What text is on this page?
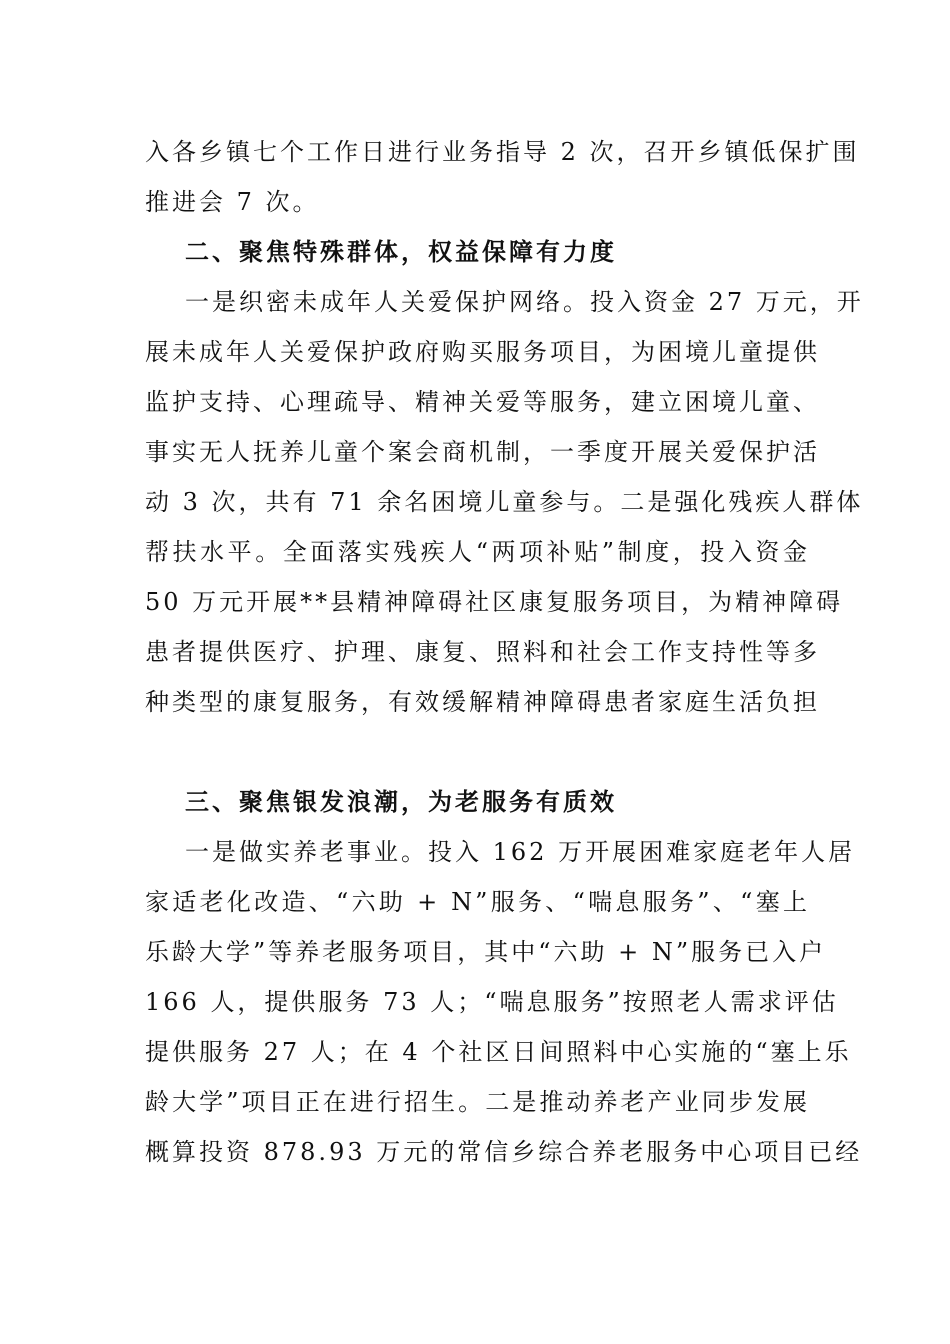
入各乡镇七个工作日进行业务指导 2 次，召开乡镇低保扩围
推进会 7 次。
二、聚焦特殊群体，权益保障有力度
一是织密未成年人关爱保护网络。投入资金 27 万元，开
展未成年人关爱保护政府购买服务项目，为困境儿童提供
监护支持、心理疏导、精神关爱等服务，建立困境儿童、
事实无人抚养儿童个案会商机制，一季度开展关爱保护活
动 3 次，共有 71 余名困境儿童参与。二是强化残疾人群体
帮扶水平。全面落实残疾人“两项补贴”制度，投入资金
50 万元开展**县精神障碍社区康复服务项目，为精神障碍
患者提供医疗、护理、康复、照料和社会工作支持性等多
种类型的康复服务，有效缓解精神障碍患者家庭生活负担
三、聚焦银发浪潮，为老服务有质效
一是做实养老事业。投入 162 万开展困难家庭老年人居
家适老化改造、“六助 + N”服务、“喘息服务”、“塞上
乐龄大学”等养老服务项目，其中“六助 + N”服务已入户
166 人，提供服务 73 人；“喘息服务”按照老人需求评估
提供服务 27 人；在 4 个社区日间照料中心实施的“塞上乐
龄大学”项目正在进行招生。二是推动养老产业同步发展
概算投资 878.93 万元的常信乡综合养老服务中心项目已经
